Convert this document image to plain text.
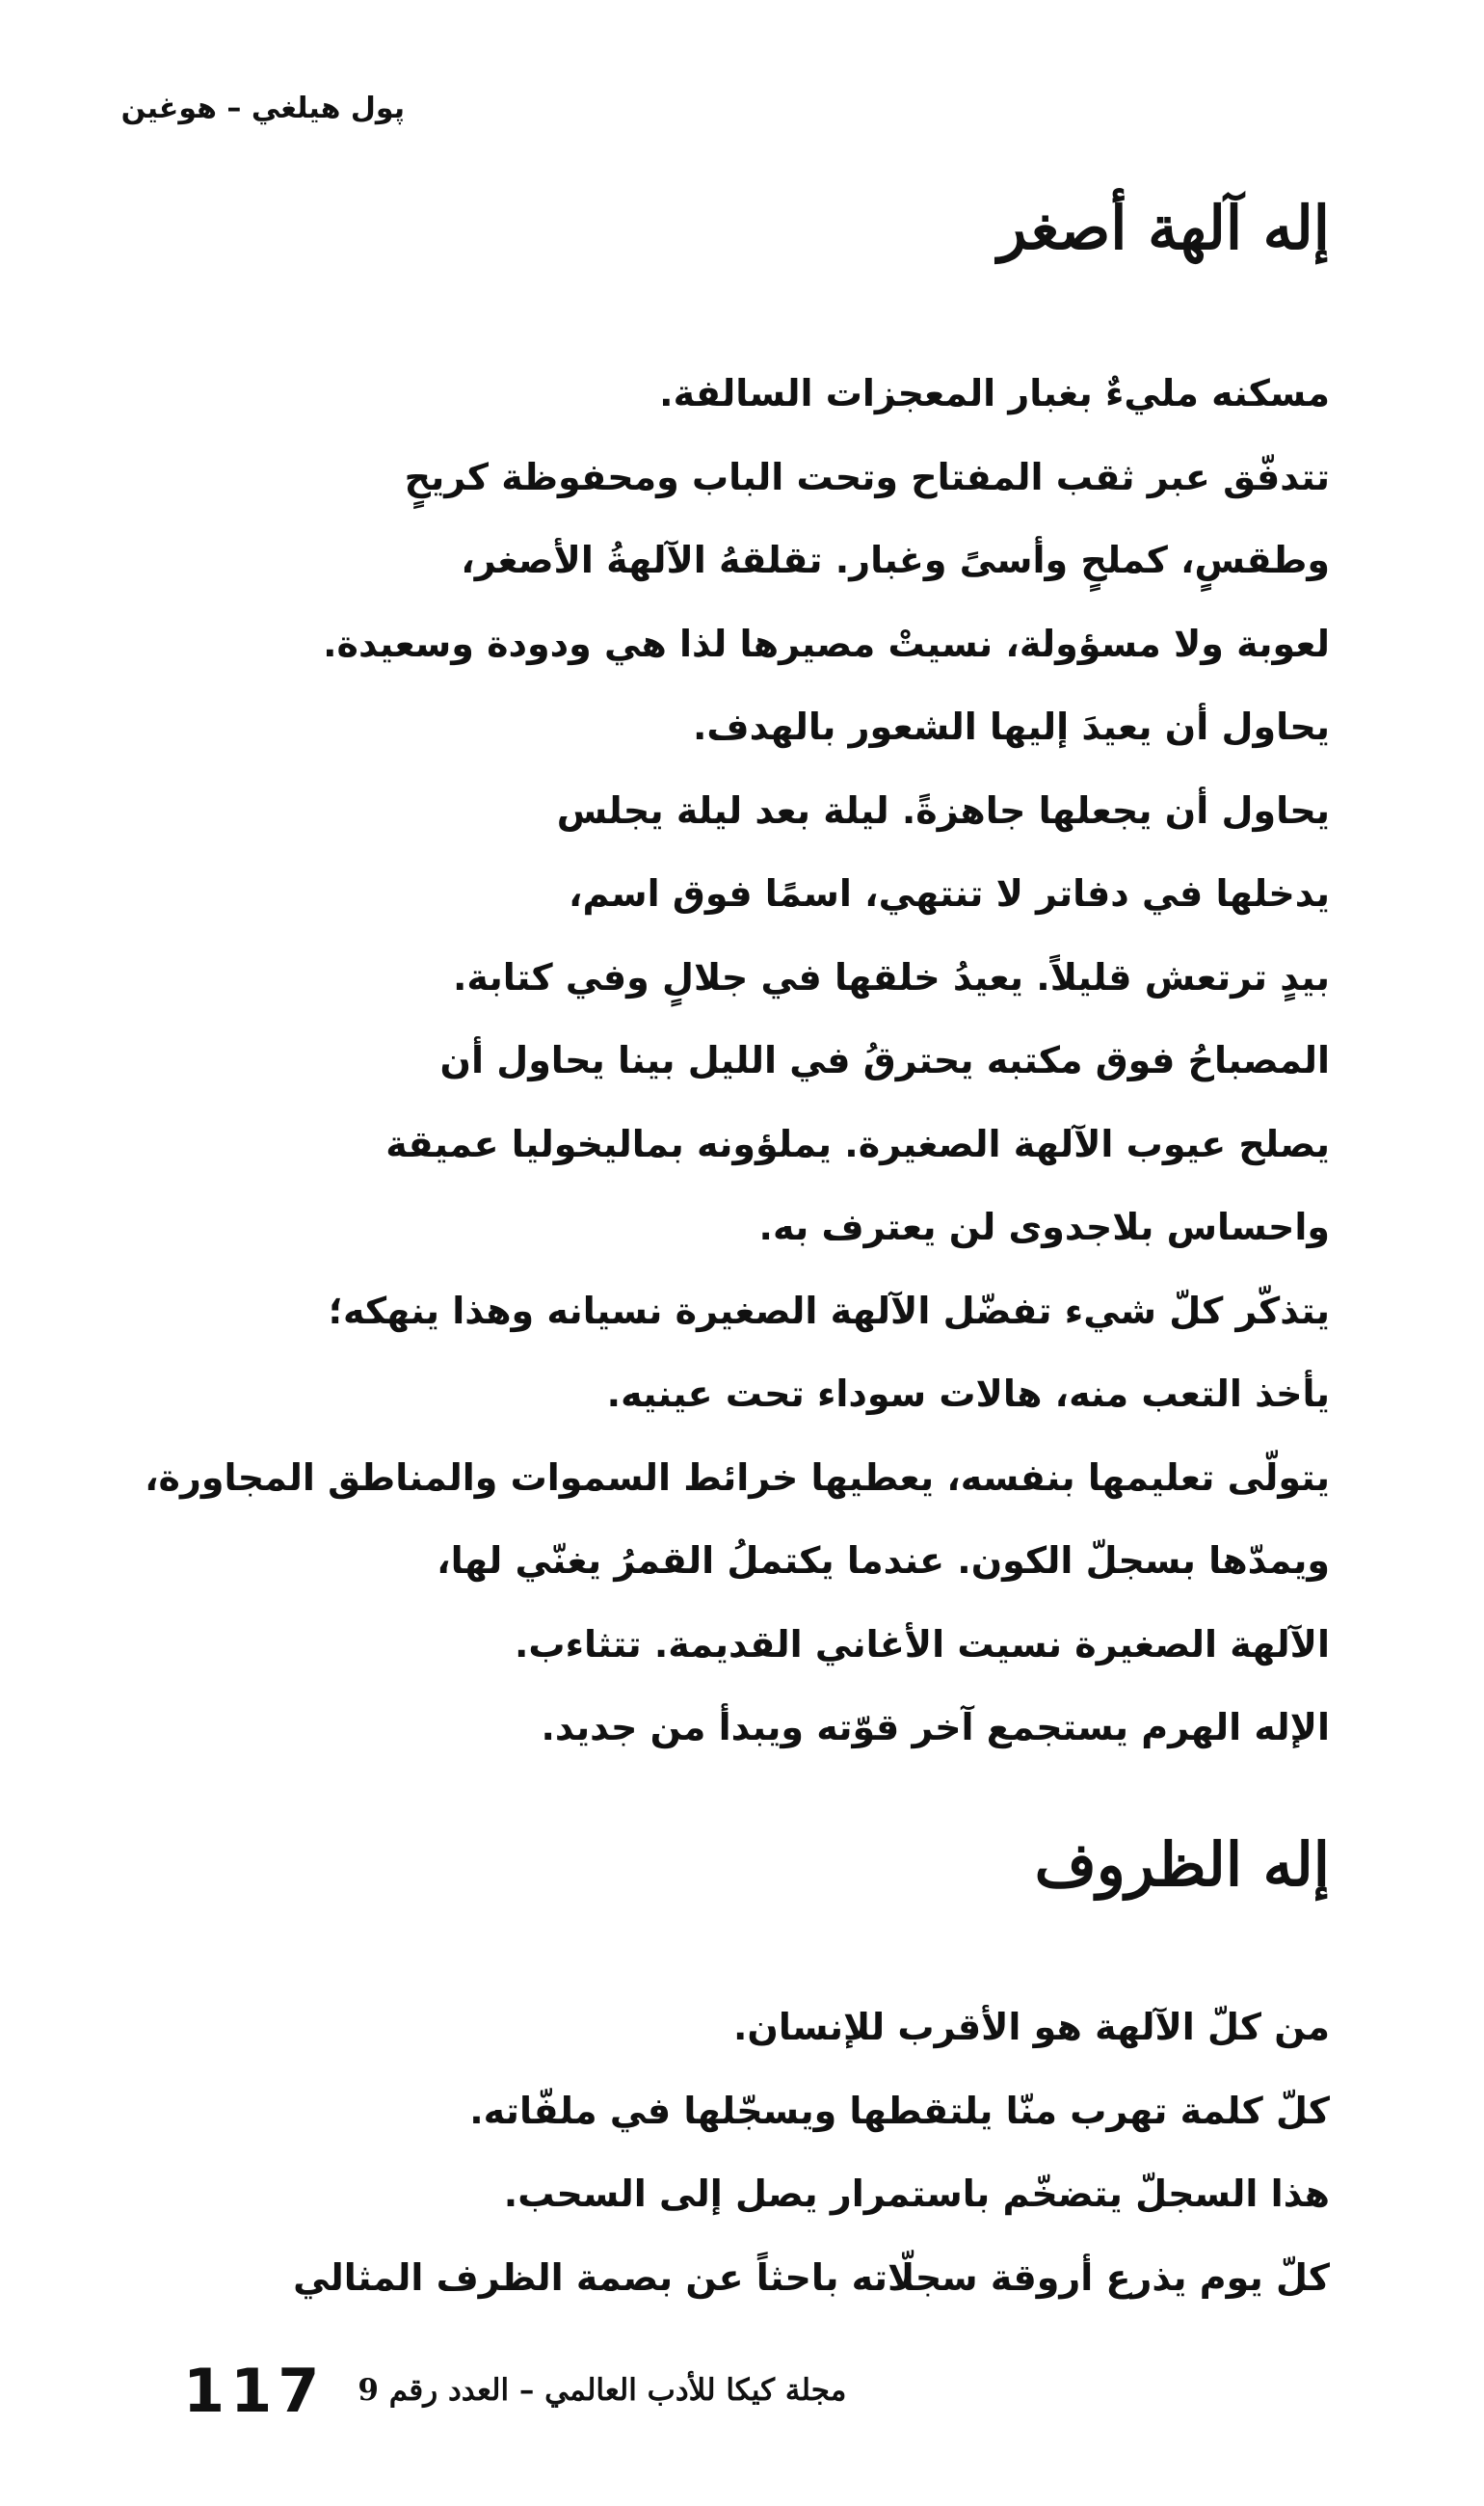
پول هيلغي – هوغين
إله آلهة أصغر
مسكنه مليءٌ بغبار المعجزات السالفة.
تتدفّق عبر ثقب المفتاح وتحت الباب ومحفوظة كريحٍ
وطقسٍ، كملحٍ وأسىً وغبار. تقلقهُ الآلهةُ الأصغر،
لعوبة ولا مسؤولة، نسيتْ مصيرها لذا هي ودودة وسعيدة.
يحاول أن يعيدَ إليها الشعور بالهدف.
يحاول أن يجعلها جاهزةً. ليلة بعد ليلة يجلس
يدخلها في دفاتر لا تنتهي، اسمًا فوق اسم،
بيدٍ ترتعش قليلاً. يعيدُ خلقها في جلالٍ وفي كتابة.
المصباحُ فوق مكتبه يحترقُ في الليل بينا يحاول أن
يصلح عيوب الآلهة الصغيرة. يملؤونه بماليخوليا عميقة
واحساس بلاجدوى لن يعترف به.
يتذكّر كلّ شيء تفضّل الآلهة الصغيرة نسيانه وهذا ينهكه؛
يأخذ التعب منه، هالات سوداء تحت عينيه.
يتولّى تعليمها بنفسه، يعطيها خرائط السموات والمناطق المجاورة،
ويمدّها بسجلّ الكون. عندما يكتملُ القمرُ يغنّي لها،
الآلهة الصغيرة نسيت الأغاني القديمة. تتثاءب.
الإله الهرم يستجمع آخر قوّته ويبدأ من جديد.
إله الظروف
من كلّ الآلهة هو الأقرب للإنسان.
كلّ كلمة تهرب منّا يلتقطها ويسجّلها في ملفّاته.
هذا السجلّ يتضخّم باستمرار يصل إلى السحب.
كلّ يوم يذرع أروقة سجلّاته باحثاً عن بصمة الظرف المثالي
117 مجلة كيكا للأدب العالمي – العدد رقم 9
